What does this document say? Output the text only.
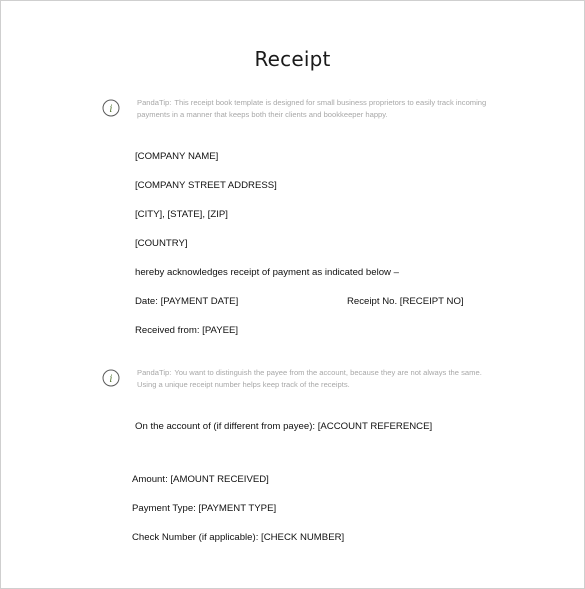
Receipt
i
PandaTip: This receipt book template is designed for small business proprietors to easily track incoming payments in a manner that keeps both their clients and bookkeeper happy.
[COMPANY NAME]
[COMPANY STREET ADDRESS]
[CITY], [STATE], [ZIP]
[COUNTRY]
hereby acknowledges receipt of payment as indicated below –
Date: [PAYMENT DATE]	Receipt No. [RECEIPT NO]
Received from: [PAYEE]
i
PandaTip: You want to distinguish the payee from the account, because they are not always the same. Using a unique receipt number helps keep track of the receipts.
On the account of (if different from payee): [ACCOUNT REFERENCE]
Amount: [AMOUNT RECEIVED]
Payment Type: [PAYMENT TYPE]
Check Number (if applicable): [CHECK NUMBER]
